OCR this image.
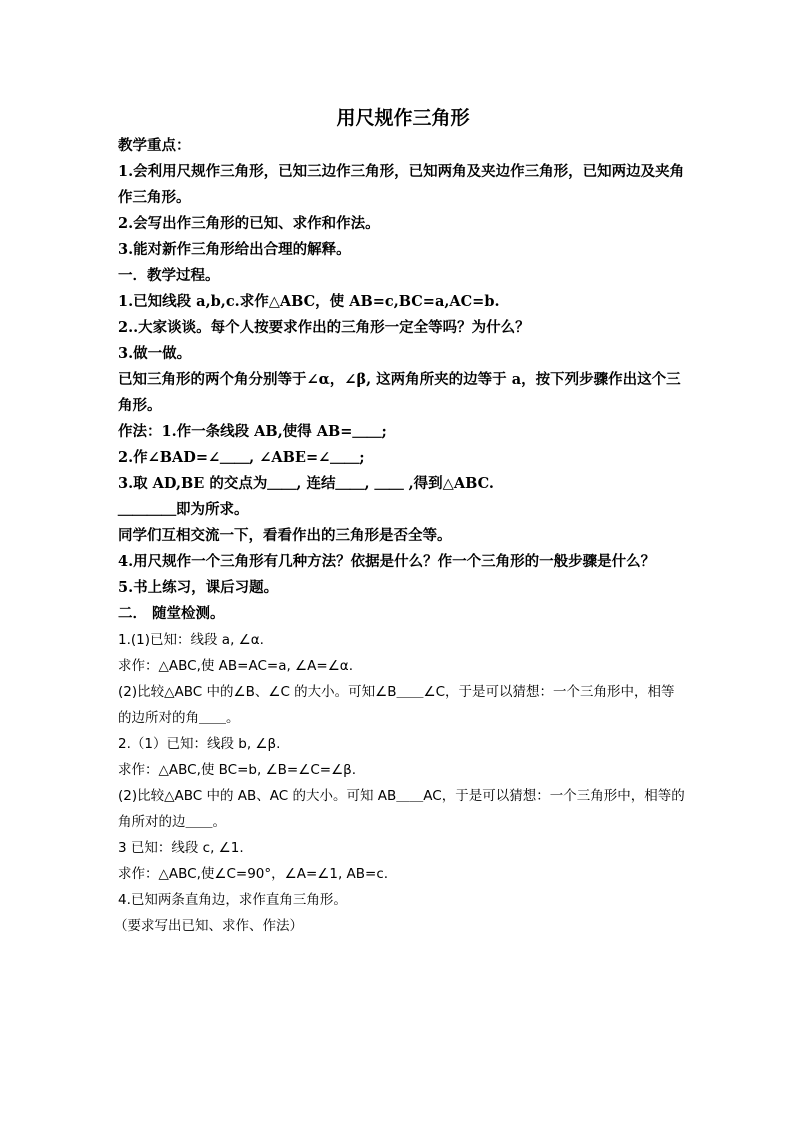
用尺规作三角形

教学重点：

1.会利用尺规作三角形，已知三边作三角形，已知两角及夹边作三角形，已知两边及夹角作三角形。

2.会写出作三角形的已知、求作和作法。

3.能对新作三角形给出合理的解释。

一．教学过程。

1.已知线段 a,b,c.求作△ABC，使 AB=c,BC=a,AC=b.

2..大家谈谈。每个人按要求作出的三角形一定全等吗？为什么？

3.做一做。

已知三角形的两个角分别等于∠α，∠β, 这两角所夹的边等于 a，按下列步骤作出这个三角形。

作法：1.作一条线段 AB,使得 AB=＿＿;

2.作∠BAD=∠＿＿, ∠ABE=∠＿＿;

3.取 AD,BE 的交点为＿＿, 连结＿＿, ＿＿ ,得到△ABC.

＿＿＿＿即为所求。

同学们互相交流一下，看看作出的三角形是否全等。

4.用尺规作一个三角形有几种方法？依据是什么？作一个三角形的一般步骤是什么？

5.书上练习，课后习题。

二． 随堂检测。

1.(1)已知：线段 a, ∠α.

求作：△ABC,使 AB=AC=a, ∠A=∠α.

(2)比较△ABC 中的∠B、∠C 的大小。可知∠B＿＿∠C，于是可以猜想：一个三角形中，相等的边所对的角＿＿。

2.（1）已知：线段 b, ∠β.

求作：△ABC,使 BC=b, ∠B=∠C=∠β.

(2)比较△ABC 中的 AB、AC 的大小。可知 AB＿＿AC，于是可以猜想：一个三角形中，相等的角所对的边＿＿。

3 已知：线段 c, ∠1.

求作：△ABC,使∠C=90°，∠A=∠1, AB=c.

4.已知两条直角边，求作直角三角形。

（要求写出已知、求作、作法）
